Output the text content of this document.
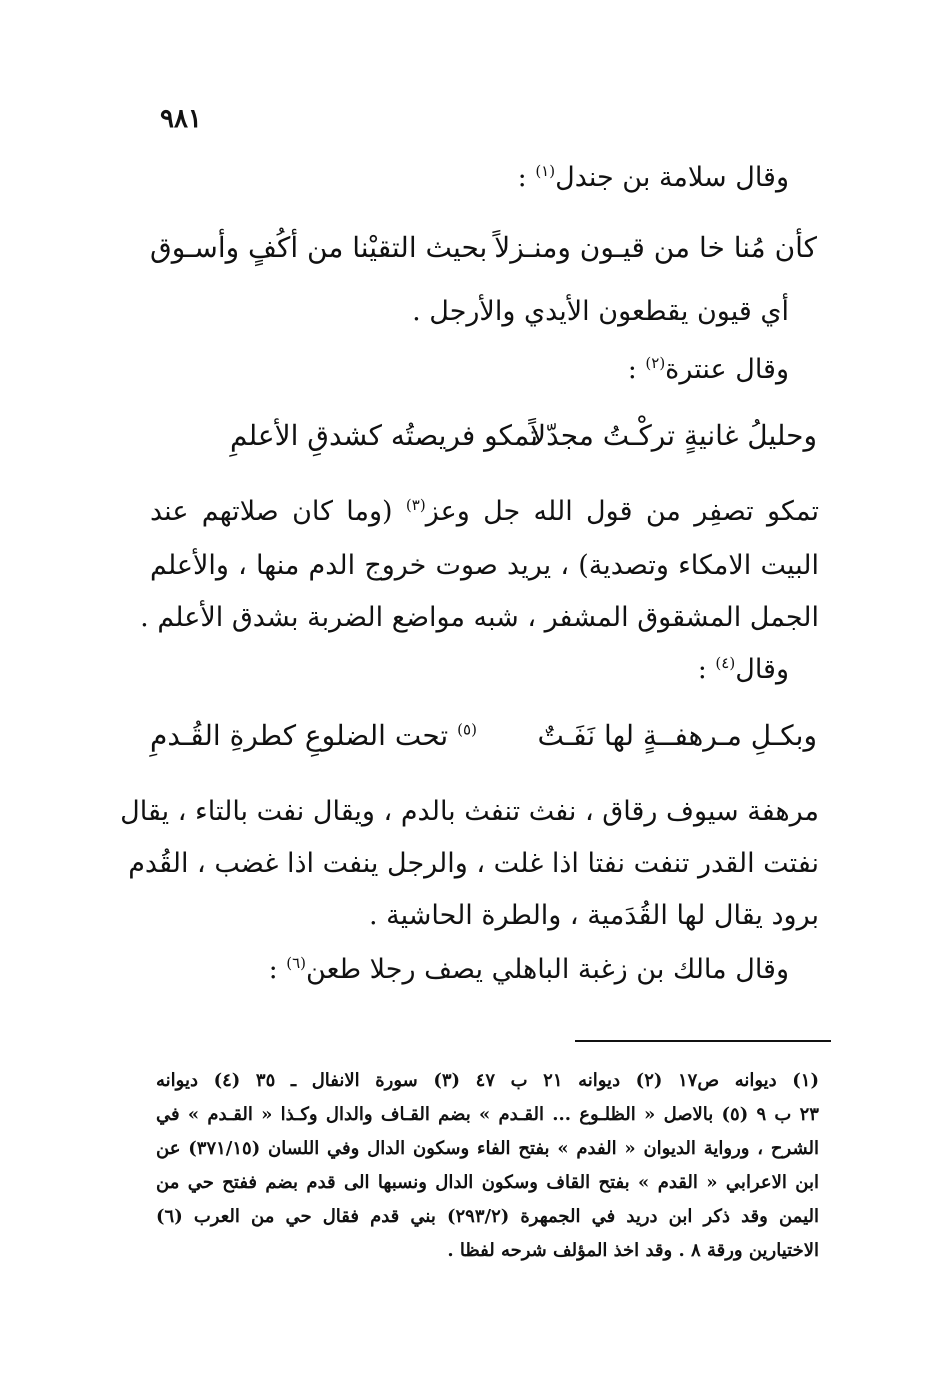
٩٨١
وقال سلامة بن جندل$^{(١)}$ :
كأن مُنا خا من قيـون ومنـزلاً
بحيث التقيْنا من أكُفٍ وأسـوق
أي قيون يقطعون الأيدي والأرجل .
وقال عنترة$^{(٢)}$ :
وحليلُ غانيةٍ تركْـتُ مجدّلاً
تمكو فريصتُه كشدقِ الأعلمِ
تمكو تصفِر من قول الله جل وعز$^{(٣)}$ (وما كان صلاتهم عند
البيت الامكاء وتصدية) ، يريد صوت خروج الدم منها ، والأعلم
الجمل المشقوق المشفر ، شبه مواضع الضربة بشدق الأعلم .
وقال$^{(٤)}$ :
وبكـلِ مـرهفــةٍ لها نَفَـتٌ
$^{(٥)}$ تحت الضلوعِ كطرةِ القُـدمِ
مرهفة سيوف رقاق ، نفث تنفث بالدم ، ويقال نفت بالتاء ، يقال
نفتت القدر تنفت نفتا اذا غلت ، والرجل ينفت اذا غضب ، القُدم
برود يقال لها القُدَمية ، والطرة الحاشية .
وقال مالك بن زغبة الباهلي يصف رجلا طعن$^{(٦)}$ :
(١) ديوانه ص١٧ (٢) ديوانه ٢١ ب ٤٧ (٣) سورة الانفال ـ ٣٥ (٤) ديوانه
٢٣ ب ٩ (٥) بالاصل « الظلـوع ... القـدم » بضم القـاف والدال وكـذا « القـدم » في
الشرح ، ورواية الديوان « الفدم » بفتح الفاء وسكون الدال وفي اللسان (٣٧١/١٥) عن
ابن الاعرابي « القدم » بفتح القاف وسكون الدال ونسبها الى قدم بضم ففتح حي من
اليمن وقد ذكر ابن دريد في الجمهرة (٢٩٣/٢) بني قدم فقال حي من العرب (٦)
الاختيارين ورقة ٨ . وقد اخذ المؤلف شرحه لفظا .
